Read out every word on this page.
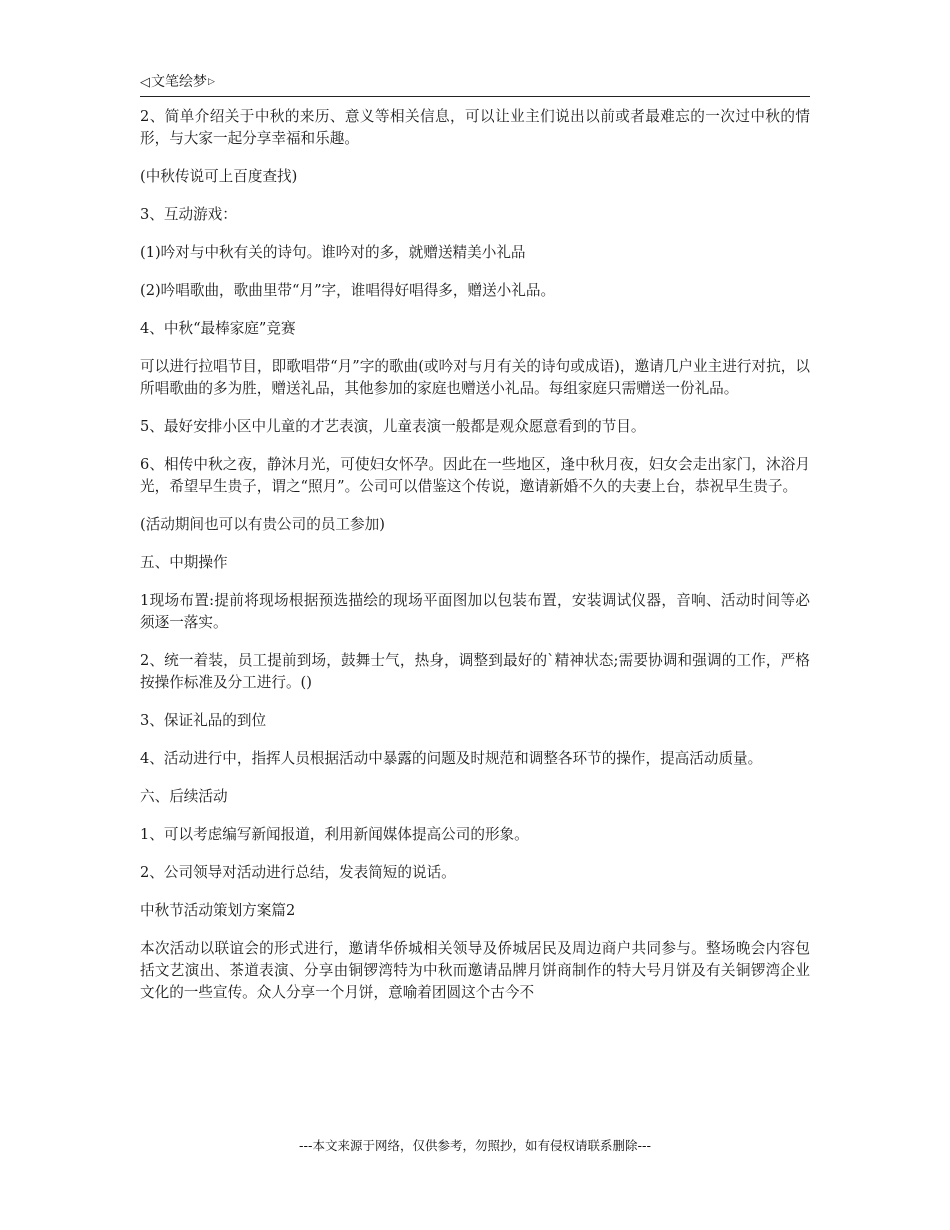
◁文笔绘梦▷

2、简单介绍关于中秋的来历、意义等相关信息，可以让业主们说出以前或者最难忘的一次过中秋的情形，与大家一起分享幸福和乐趣。

(中秋传说可上百度查找)

3、互动游戏：

(1)吟对与中秋有关的诗句。谁吟对的多，就赠送精美小礼品

(2)吟唱歌曲，歌曲里带“月”字，谁唱得好唱得多，赠送小礼品。

4、中秋“最棒家庭”竞赛

可以进行拉唱节目，即歌唱带“月”字的歌曲(或吟对与月有关的诗句或成语)，邀请几户业主进行对抗，以所唱歌曲的多为胜，赠送礼品，其他参加的家庭也赠送小礼品。每组家庭只需赠送一份礼品。

5、最好安排小区中儿童的才艺表演，儿童表演一般都是观众愿意看到的节目。

6、相传中秋之夜，静沐月光，可使妇女怀孕。因此在一些地区，逢中秋月夜，妇女会走出家门，沐浴月光，希望早生贵子，谓之“照月”。公司可以借鉴这个传说，邀请新婚不久的夫妻上台，恭祝早生贵子。

(活动期间也可以有贵公司的员工参加)

五、中期操作

1现场布置:提前将现场根据预选描绘的现场平面图加以包装布置，安装调试仪器，音响、活动时间等必须逐一落实。

2、统一着装，员工提前到场，鼓舞士气，热身，调整到最好的`精神状态;需要协调和强调的工作，严格按操作标准及分工进行。()

3、保证礼品的到位

4、活动进行中，指挥人员根据活动中暴露的问题及时规范和调整各环节的操作，提高活动质量。

六、后续活动

1、可以考虑编写新闻报道，利用新闻媒体提高公司的形象。

2、公司领导对活动进行总结，发表简短的说话。

中秋节活动策划方案篇2

本次活动以联谊会的形式进行，邀请华侨城相关领导及侨城居民及周边商户共同参与。整场晚会内容包括文艺演出、茶道表演、分享由铜锣湾特为中秋而邀请品牌月饼商制作的特大号月饼及有关铜锣湾企业文化的一些宣传。众人分享一个月饼，意喻着团圆这个古今不

---本文来源于网络，仅供参考，勿照抄，如有侵权请联系删除---
